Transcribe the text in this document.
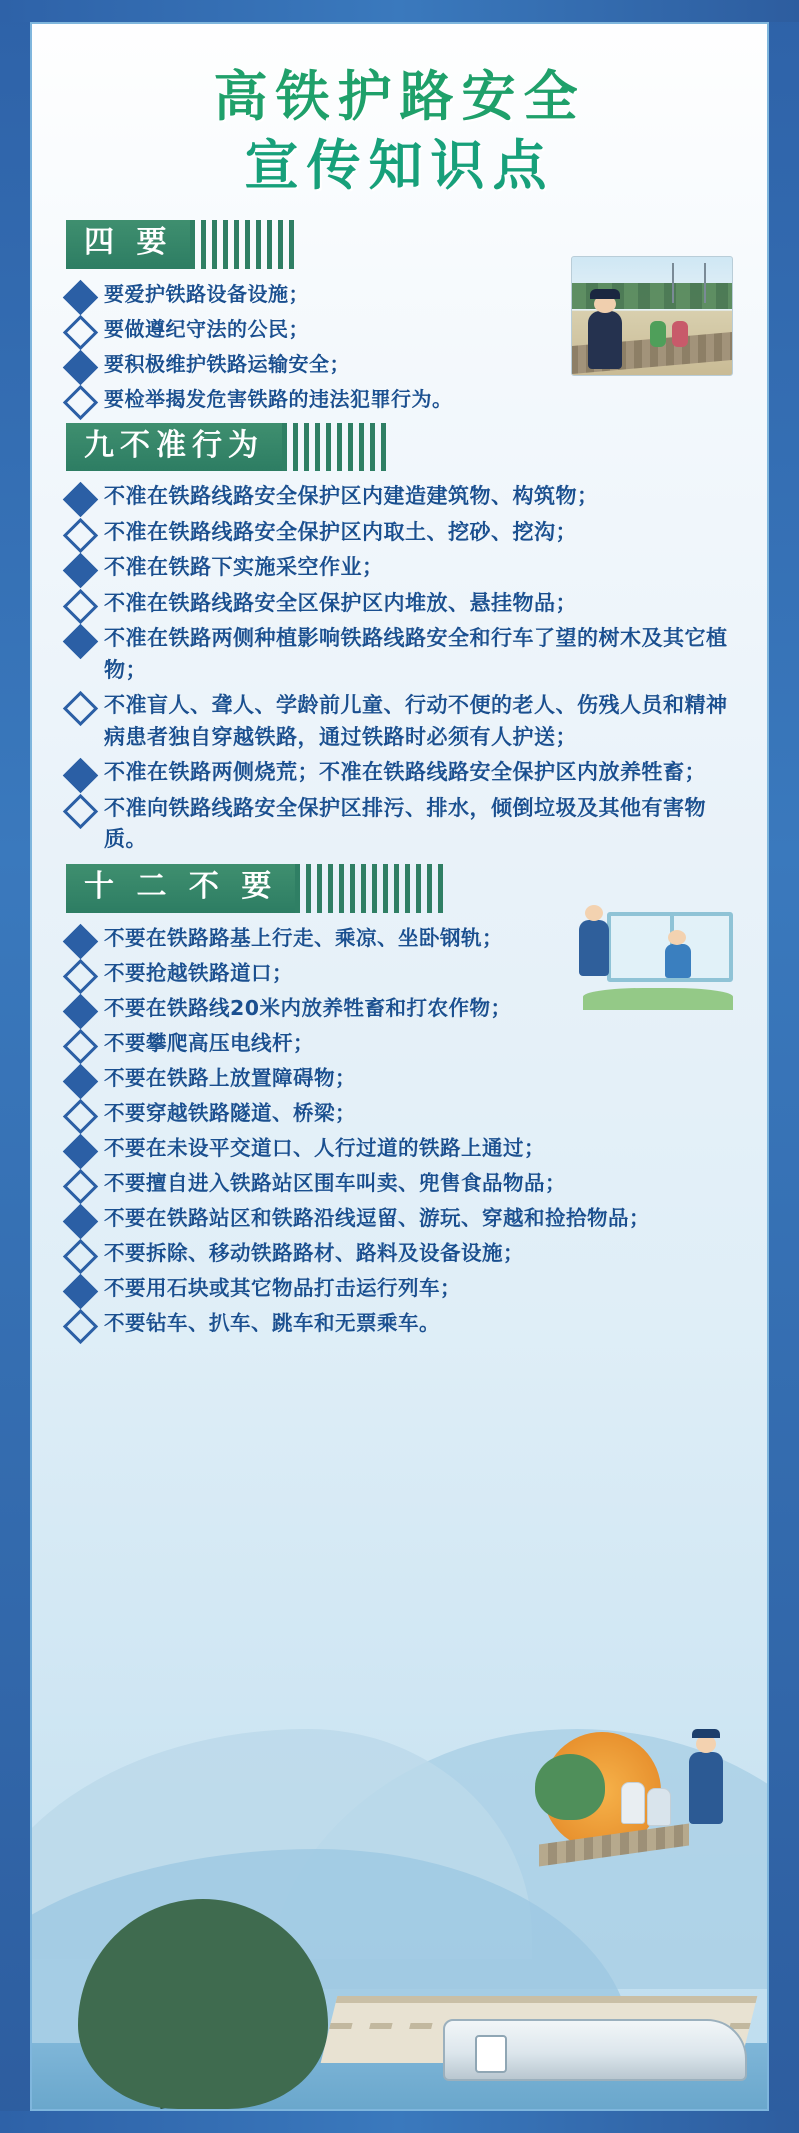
高铁护路安全
宣传知识点
四 要
要爱护铁路设备设施；
要做遵纪守法的公民；
要积极维护铁路运输安全；
要检举揭发危害铁路的违法犯罪行为。
九不准行为
不准在铁路线路安全保护区内建造建筑物、构筑物；
不准在铁路线路安全保护区内取土、挖砂、挖沟；
不准在铁路下实施采空作业；
不准在铁路线路安全区保护区内堆放、悬挂物品；
不准在铁路两侧种植影响铁路线路安全和行车了望的树木及其它植物；
不准盲人、聋人、学龄前儿童、行动不便的老人、伤残人员和精神病患者独自穿越铁路，通过铁路时必须有人护送；
不准在铁路两侧烧荒；不准在铁路线路安全保护区内放养牲畜；
不准向铁路线路安全保护区排污、排水，倾倒垃圾及其他有害物质。
十 二 不 要
不要在铁路路基上行走、乘凉、坐卧钢轨；
不要抢越铁路道口；
不要在铁路线20米内放养牲畜和打农作物；
不要攀爬高压电线杆；
不要在铁路上放置障碍物；
不要穿越铁路隧道、桥梁；
不要在未设平交道口、人行过道的铁路上通过；
不要擅自进入铁路站区围车叫卖、兜售食品物品；
不要在铁路站区和铁路沿线逗留、游玩、穿越和捡拾物品；
不要拆除、移动铁路路材、路料及设备设施；
不要用石块或其它物品打击运行列车；
不要钻车、扒车、跳车和无票乘车。
